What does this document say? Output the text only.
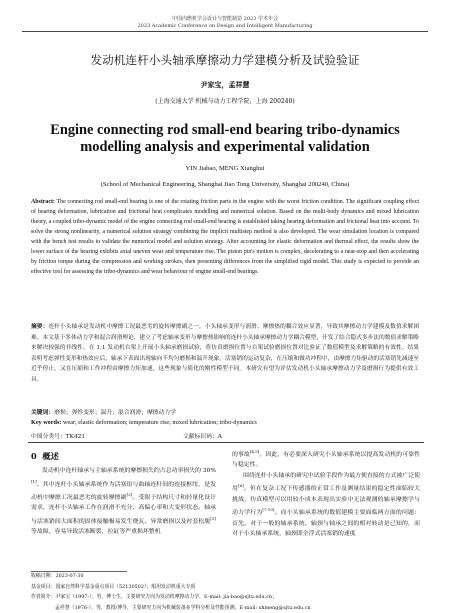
中国内燃机学会设计与智能制造 2023 学术年会
2023 Academic Conference on Design and Intelligent Manufacturing
发动机连杆小头轴承摩擦动力学建模分析及试验验证
尹家宝，孟祥慧
(上海交通大学 机械与动力工程学院，上海 200240)
Engine connecting rod small-end bearing tribo-dynamics
modelling analysis and experimental validation
YIN Jiabao, MENG Xianghui
(School of Mechanical Engineering, Shanghai Jiao Tong University, Shanghai 200240, China)
Abstract: The connecting rod small-end bearing is one of the rotating friction parts in the engine with the worst friction condition. The significant coupling effect of bearing deformation, lubrication and frictional heat complicates modelling and numerical solution. Based on the multi-body dynamics and mixed lubrication theory, a coupled tribo-dynamic model of the engine connecting rod small-end bearing is established taking bearing deformation and frictional heat into account. To solve the strong nonlinearity, a numerical solution strategy combining the implicit multistep method is also developed. The wear simulation location is compared with the bench test results to validate the numerical model and solution strategy. After accounting for elastic deformation and thermal effect, the results show the lower surface of the bearing exhibits axial uneven wear and temperature rise. The piston pin's motion is complex, decelerating to a near-stop and then accelerating by friction torque during the compression and working strokes, then presenting differences from the simplified rigid model. This study is expected to provide an effective tool for assessing the tribo-dynamics and wear behaviour of engine small-end bearings.
摘要：连杆小头轴承是发动机中摩擦工况最恶劣的旋转摩擦副之一，小头轴承变形与润滑、摩擦热的耦合效应显著，导致其摩擦动力学建模及数值求解困难。本文基于多体动力学和混合润滑理论，建立了考虑轴承变形与摩擦热影响的连杆小头轴承摩擦动力学耦合模型，开发了结合隐式多步法的数值求解策略来解决较强的非线性。在 1:1 发动机台架上开展小头轴承磨损试验，将仿真磨损位置与台架试验磨损位置对比验证了数值模型及求解策略的有效性。结果表明考虑弹性变形和热效应后，轴承下表面出现轴向不均匀磨损和温升现象。活塞销的运动复杂，在压缩和做功冲程中，由摩擦力矩驱动的活塞销先减速至近乎停止，又在压缩和工作冲程由摩擦力矩加速，这些现象与简化的刚性模型不同。本研究有望为评估发动机小头轴承摩擦动力学及磨损行为提供有效工具。
关键词：磨损；弹性变形；温升；混合润滑；摩擦动力学
Key words: wear; elastic deformation; temperature rise; mixed lubrication; tribo-dynamics
中图分类号：TK421	文献标识码：A
0 概述

发动机中连杆轴承与主轴承系统的摩擦损失约占总功率损失的 30%[1]。其中连杆小头轴承系统作为活塞组与曲轴连杆间的连接枢纽，是发动机中摩擦工况最恶劣的旋转摩擦副[2]。受限于结构尺寸和轻量化设计需求，连杆小头轴承工作在润滑不充分、高偏心率和大变形状态。轴承与活塞销间大面积的固体接触极易发生烧瓦、异常磨损以及衬套松脱[3]等故障，容易导致活塞断裂、拉缸等严重损坏整机

的事故[4,5]。因此，有必要深入研究小头轴承系统以提高发动机的可靠性与稳定性。

围绕连杆小头轴承的研究中试验手段作为最方便直接的方式被广泛使用[6]。但在复杂工况下传感器的正常工作及测量结果的稳定性面临较大挑战，仿真模型可以用较小成本表现出实验中无法观测的轴承摩擦学与动力学行为[7-10]。而小头轴承系统的数值建模主要面临两方面的问题：首先，对于一般的轴承系统，轴颈与轴承之间的相对转动是已知的，而对于小头轴承系统，轴颈即全浮式活塞销的速度

收稿日期：2023-07-30
基金项目：国家自然科学基金重点项目（52130502）；船用发动机重大专项
作者简介：尹家宝（1997-），男，博士生，主要研究方向为发动机摩擦动力学，E-mail: jia-bao@sjtu.edu.cn；
孟祥慧（1976-），男，教授/博导，主要研究方向为机械装备多学科分析及性能预测，E-mail: xhmeng@sjtu.edu.cn
